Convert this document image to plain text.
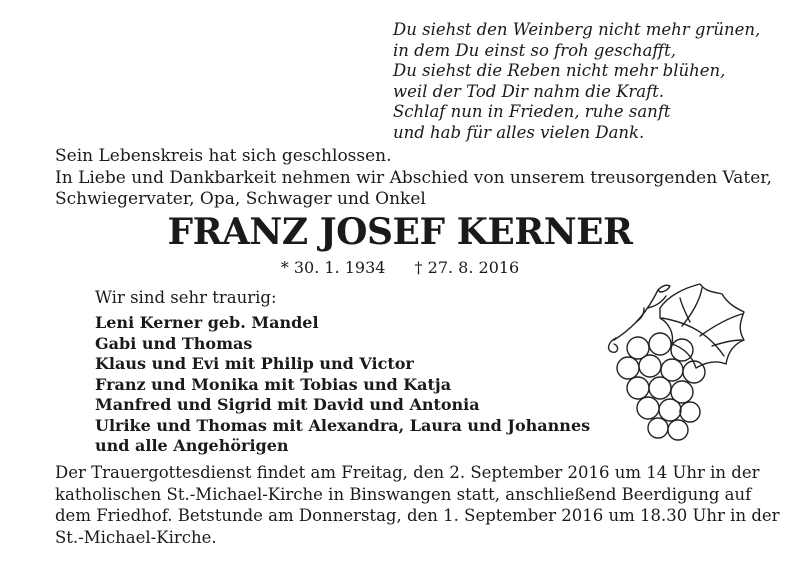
Du siehst den Weinberg nicht mehr grünen,
in dem Du einst so froh geschafft,
Du siehst die Reben nicht mehr blühen,
weil der Tod Dir nahm die Kraft.
Schlaf nun in Frieden, ruhe sanft
und hab für alles vielen Dank.
Sein Lebenskreis hat sich geschlossen.
In Liebe und Dankbarkeit nehmen wir Abschied von unserem treusorgenden Vater,
Schwiegervater, Opa, Schwager und Onkel
FRANZ JOSEF KERNER
* 30. 1. 1934 † 27. 8. 2016
Wir sind sehr traurig:
Leni Kerner geb. Mandel
Gabi und Thomas
Klaus und Evi mit Philip und Victor
Franz und Monika mit Tobias und Katja
Manfred und Sigrid mit David und Antonia
Ulrike und Thomas mit Alexandra, Laura und Johannes
und alle Angehörigen
Der Trauergottesdienst findet am Freitag, den 2. September 2016 um 14 Uhr in der
katholischen St.-Michael-Kirche in Binswangen statt, anschließend Beerdigung auf
dem Friedhof. Betstunde am Donnerstag, den 1. September 2016 um 18.30 Uhr in der
St.-Michael-Kirche.
